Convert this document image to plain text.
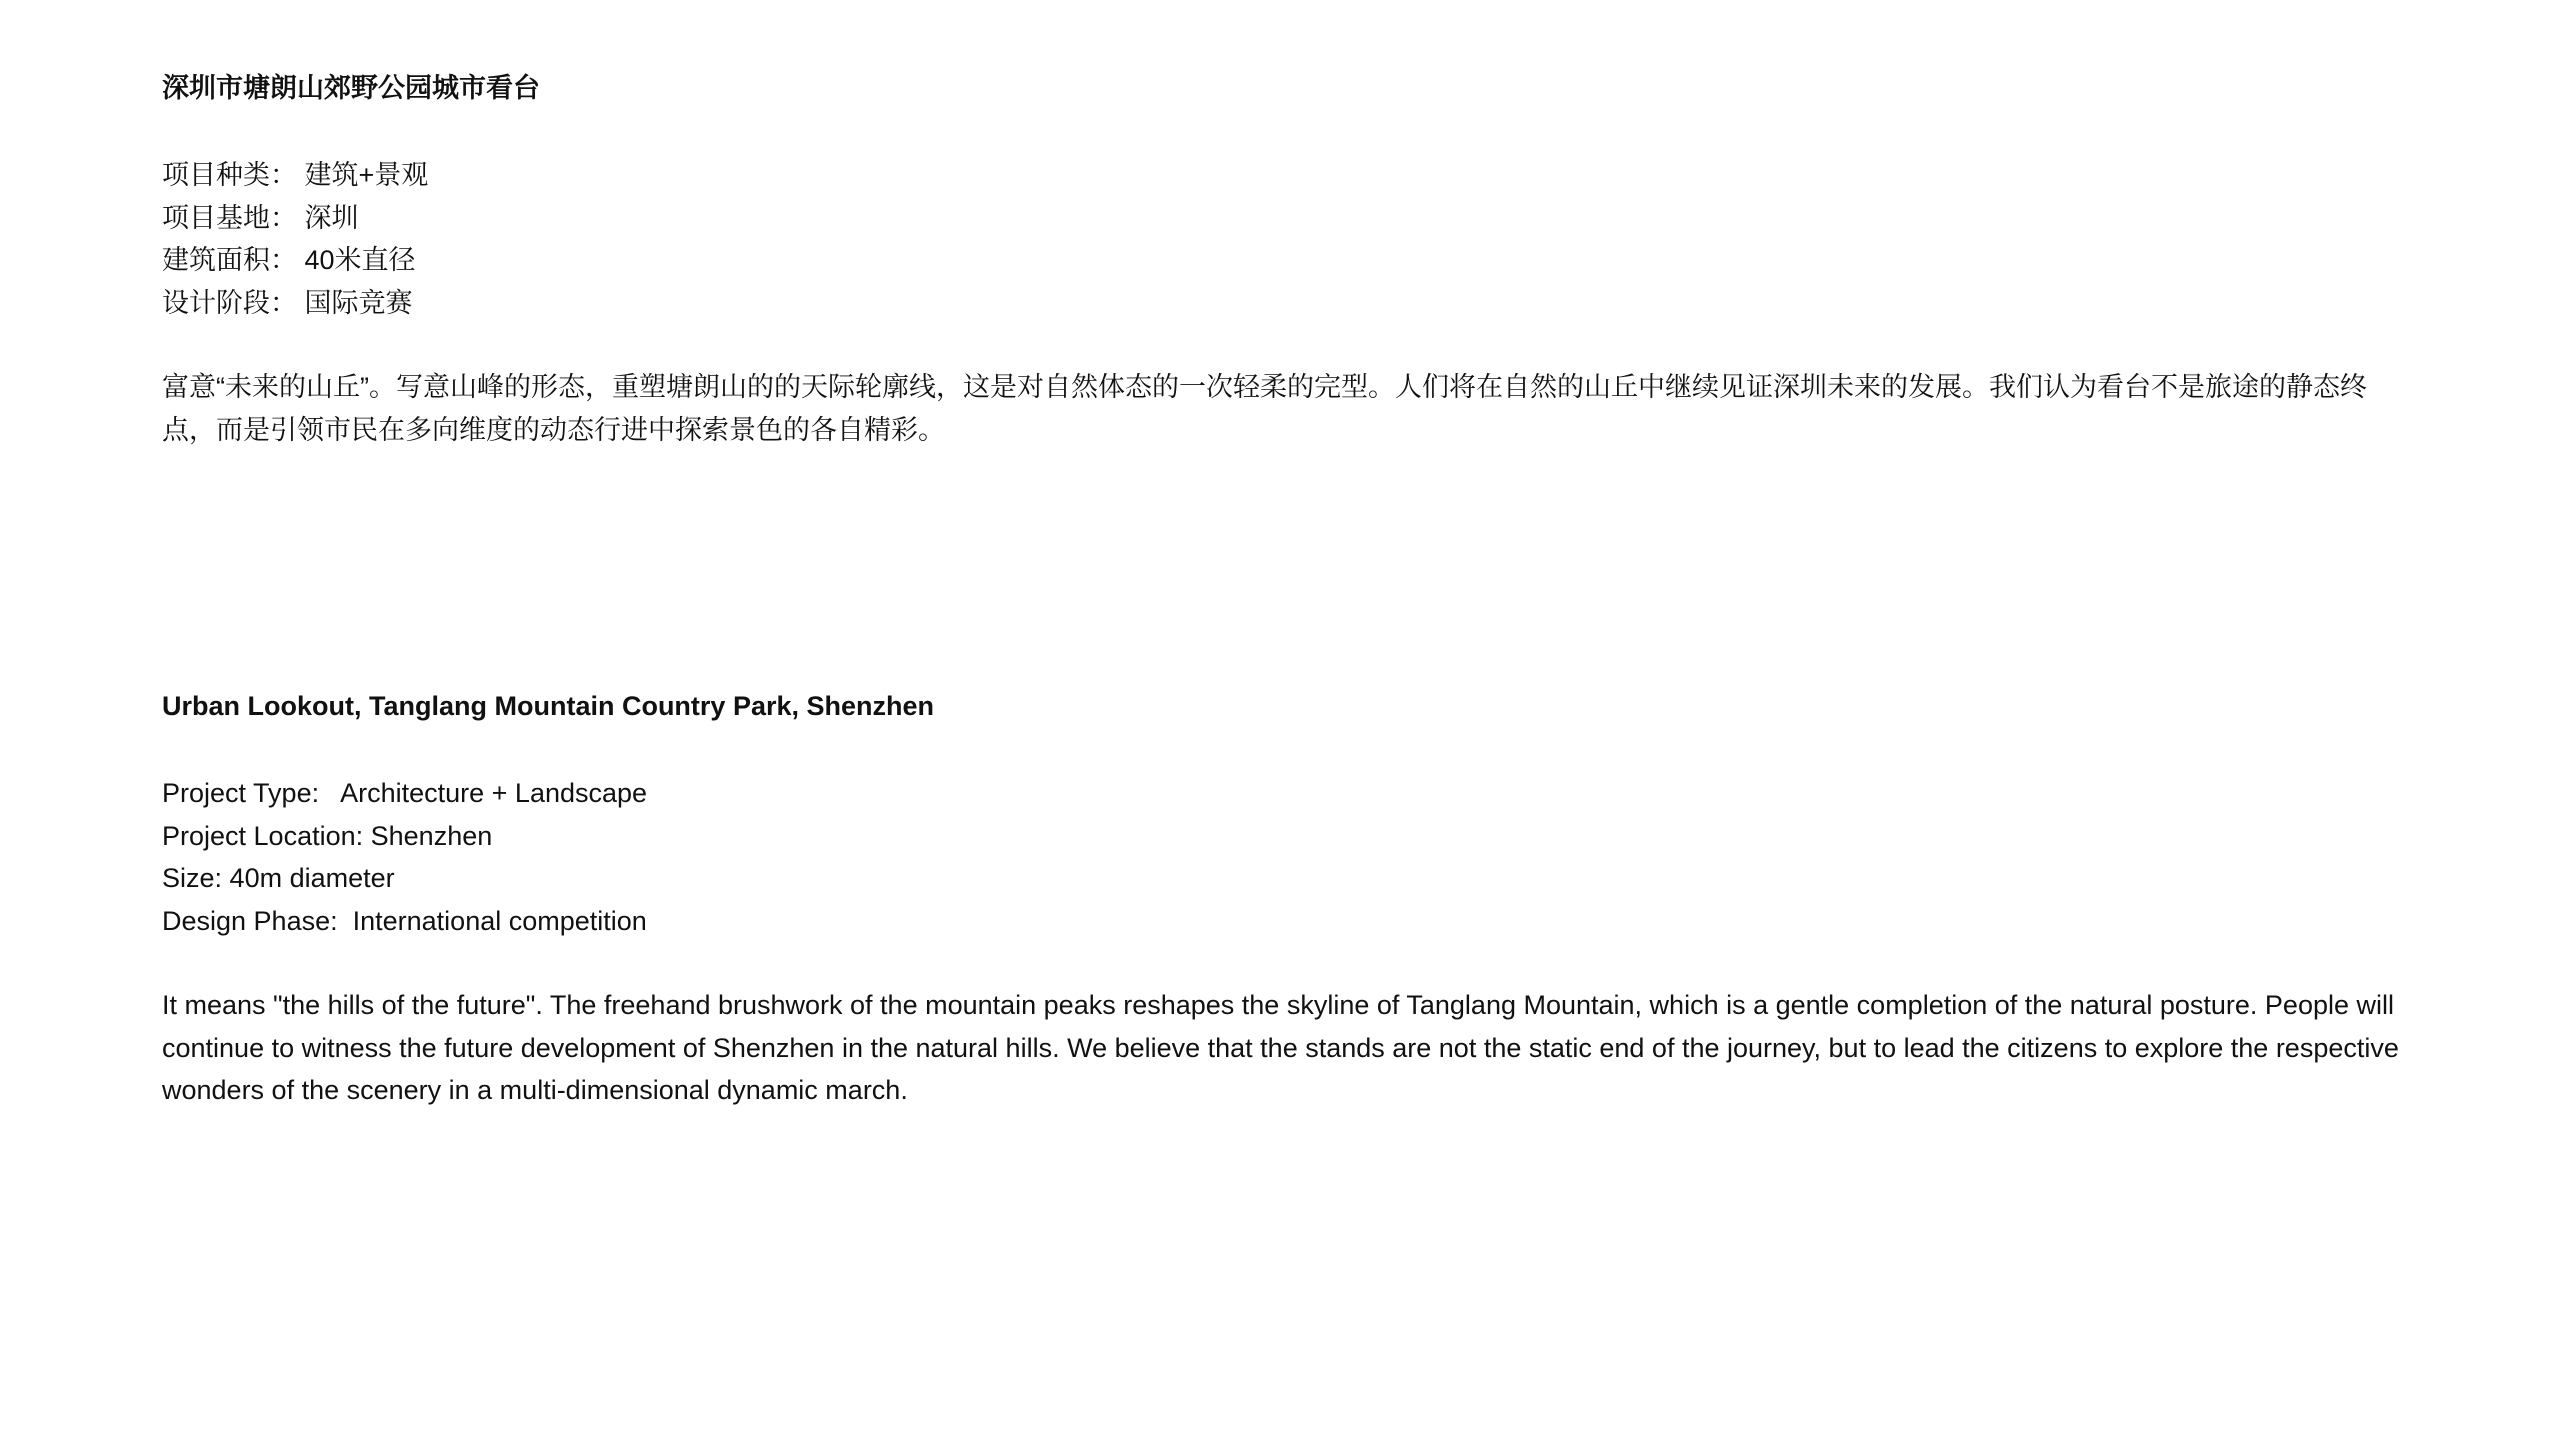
深圳市塘朗山郊野公园城市看台
项目种类： 建筑+景观
项目基地： 深圳
建筑面积： 40米直径
设计阶段： 国际竞赛

富意“未来的山丘”。写意山峰的形态，重塑塘朗山的的天际轮廓线，这是对自然体态的一次轻柔的完型。人们将在自然的山丘中继续见证深圳未来的发展。我们认为看台不是旅途的静态终点，而是引领市民在多向维度的动态行进中探索景色的各自精彩。

Urban Lookout, Tanglang Mountain Country Park, Shenzhen
Project Type: Architecture + Landscape
Project Location: Shenzhen
Size: 40m diameter
Design Phase: International competition

It means "the hills of the future". The freehand brushwork of the mountain peaks reshapes the skyline of Tanglang Mountain, which is a gentle completion of the natural posture. People will continue to witness the future development of Shenzhen in the natural hills. We believe that the stands are not the static end of the journey, but to lead the citizens to explore the respective wonders of the scenery in a multi-dimensional dynamic march.
